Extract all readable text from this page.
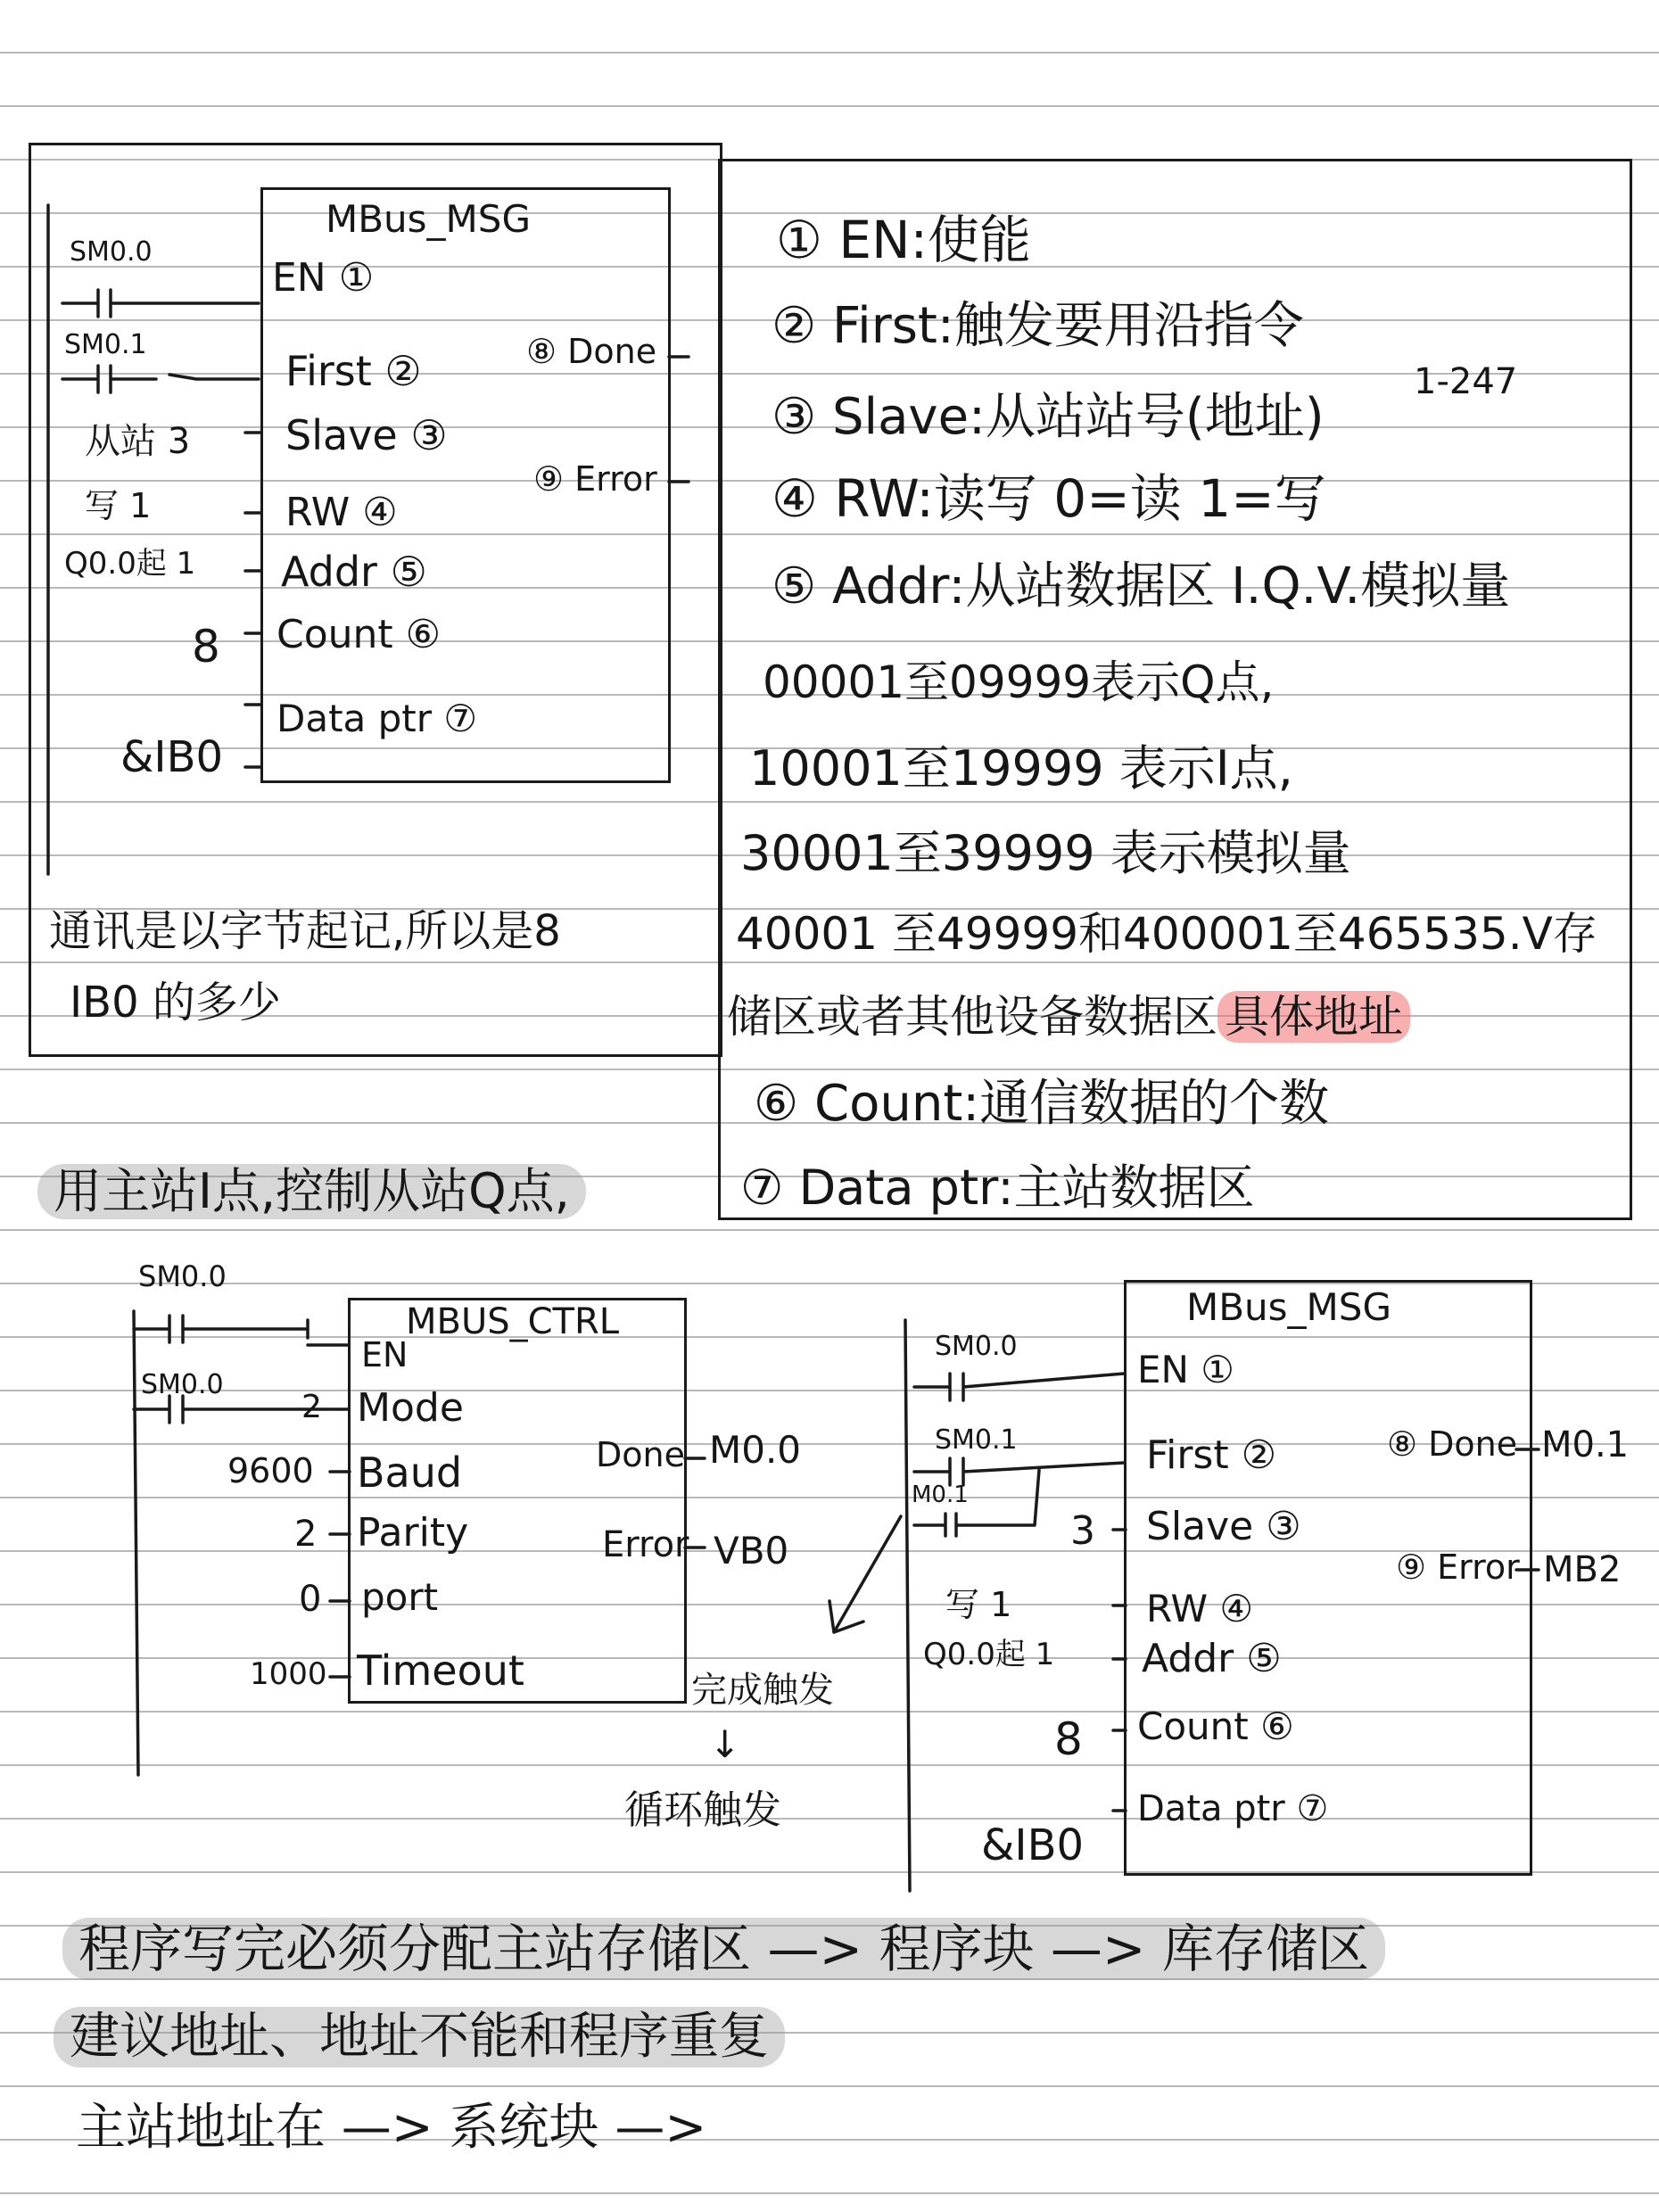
MBus_MSG
SM0.0
SM0.1
EN ①
First ②
Slave ③
RW ④
Addr ⑤
Count ⑥
Data ptr ⑦
⑧ Done
⑨ Error
从站 3
写 1
Q0.0起 1
8
&IB0
通讯是以字节起记,所以是8
IB0 的多少
① EN:使能
② First:触发要用沿指令
③ Slave:从站站号(地址)
1-247
④ RW:读写 0=读 1=写
⑤ Addr:从站数据区 I.Q.V.模拟量
00001至09999表示Q点,
10001至19999 表示I点,
30001至39999 表示模拟量
40001 至49999和400001至465535.V存
储区或者其他设备数据区 具体地址
⑥ Count:通信数据的个数
⑦ Data ptr:主站数据区
用主站I点,控制从站Q点,
MBUS_CTRL
SM0.0
SM0.0
EN
Mode
Baud
Parity
port
Timeout
2
9600
2
0
1000
Done
Error
M0.0
VB0
MBus_MSG
SM0.0
SM0.1
M0.1
EN ①
First ②
Slave ③
RW ④
Addr ⑤
Count ⑥
Data ptr ⑦
⑧ Done
⑨ Error
M0.1
MB2
3
写 1
Q0.0起 1
8
&IB0
完成触发
↓
循环触发
程序写完必须分配主站存储区 —> 程序块 —> 库存储区
建议地址、地址不能和程序重复
主站地址在 —> 系统块 —>
